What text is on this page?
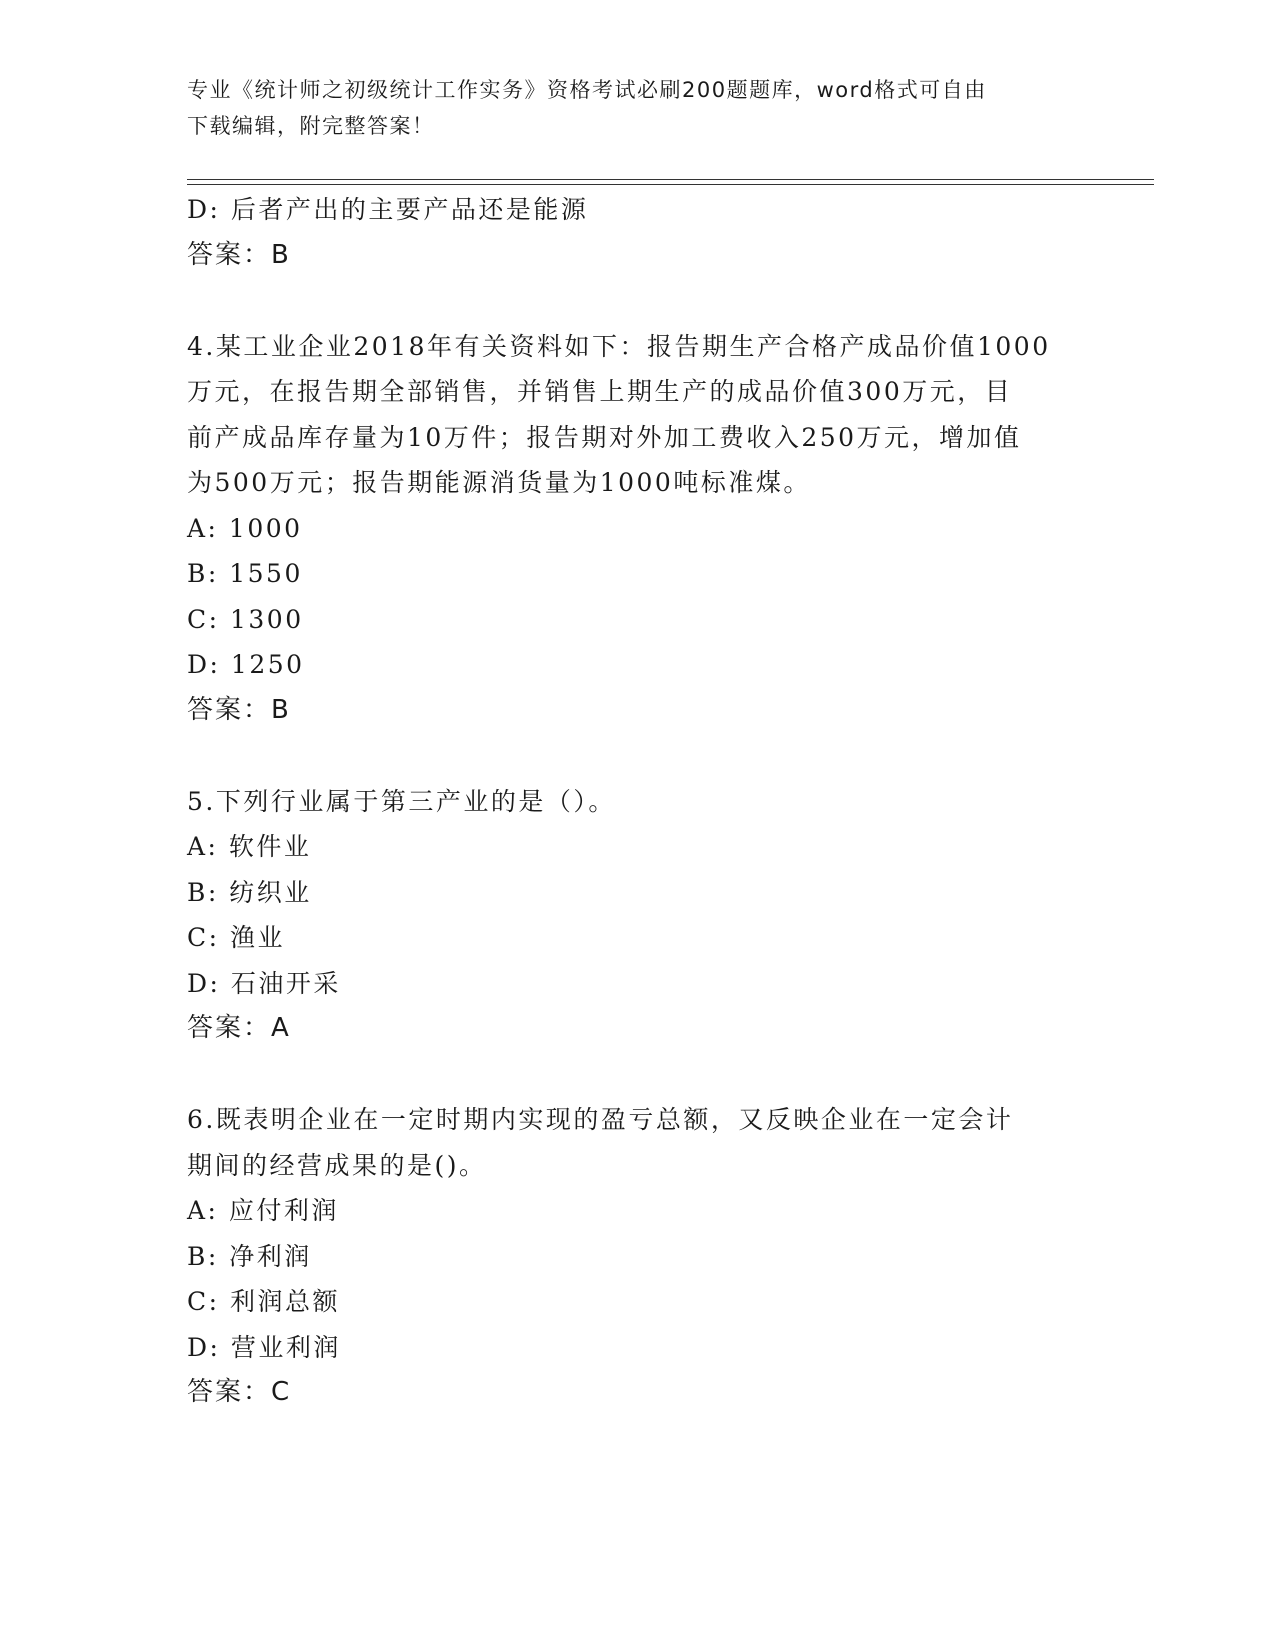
专业《统计师之初级统计工作实务》资格考试必刷200题题库，word格式可自由
下载编辑，附完整答案！
D: 后者产出的主要产品还是能源
答案：B
4.某工业企业2018年有关资料如下：报告期生产合格产成品价值1000
万元，在报告期全部销售，并销售上期生产的成品价值300万元，目
前产成品库存量为10万件；报告期对外加工费收入250万元，增加值
为500万元；报告期能源消货量为1000吨标准煤。
A: 1000
B: 1550
C: 1300
D: 1250
答案：B
5.下列行业属于第三产业的是（）。
A: 软件业
B: 纺织业
C: 渔业
D: 石油开采
答案：A
6.既表明企业在一定时期内实现的盈亏总额，又反映企业在一定会计
期间的经营成果的是()。
A: 应付利润
B: 净利润
C: 利润总额
D: 营业利润
答案：C
